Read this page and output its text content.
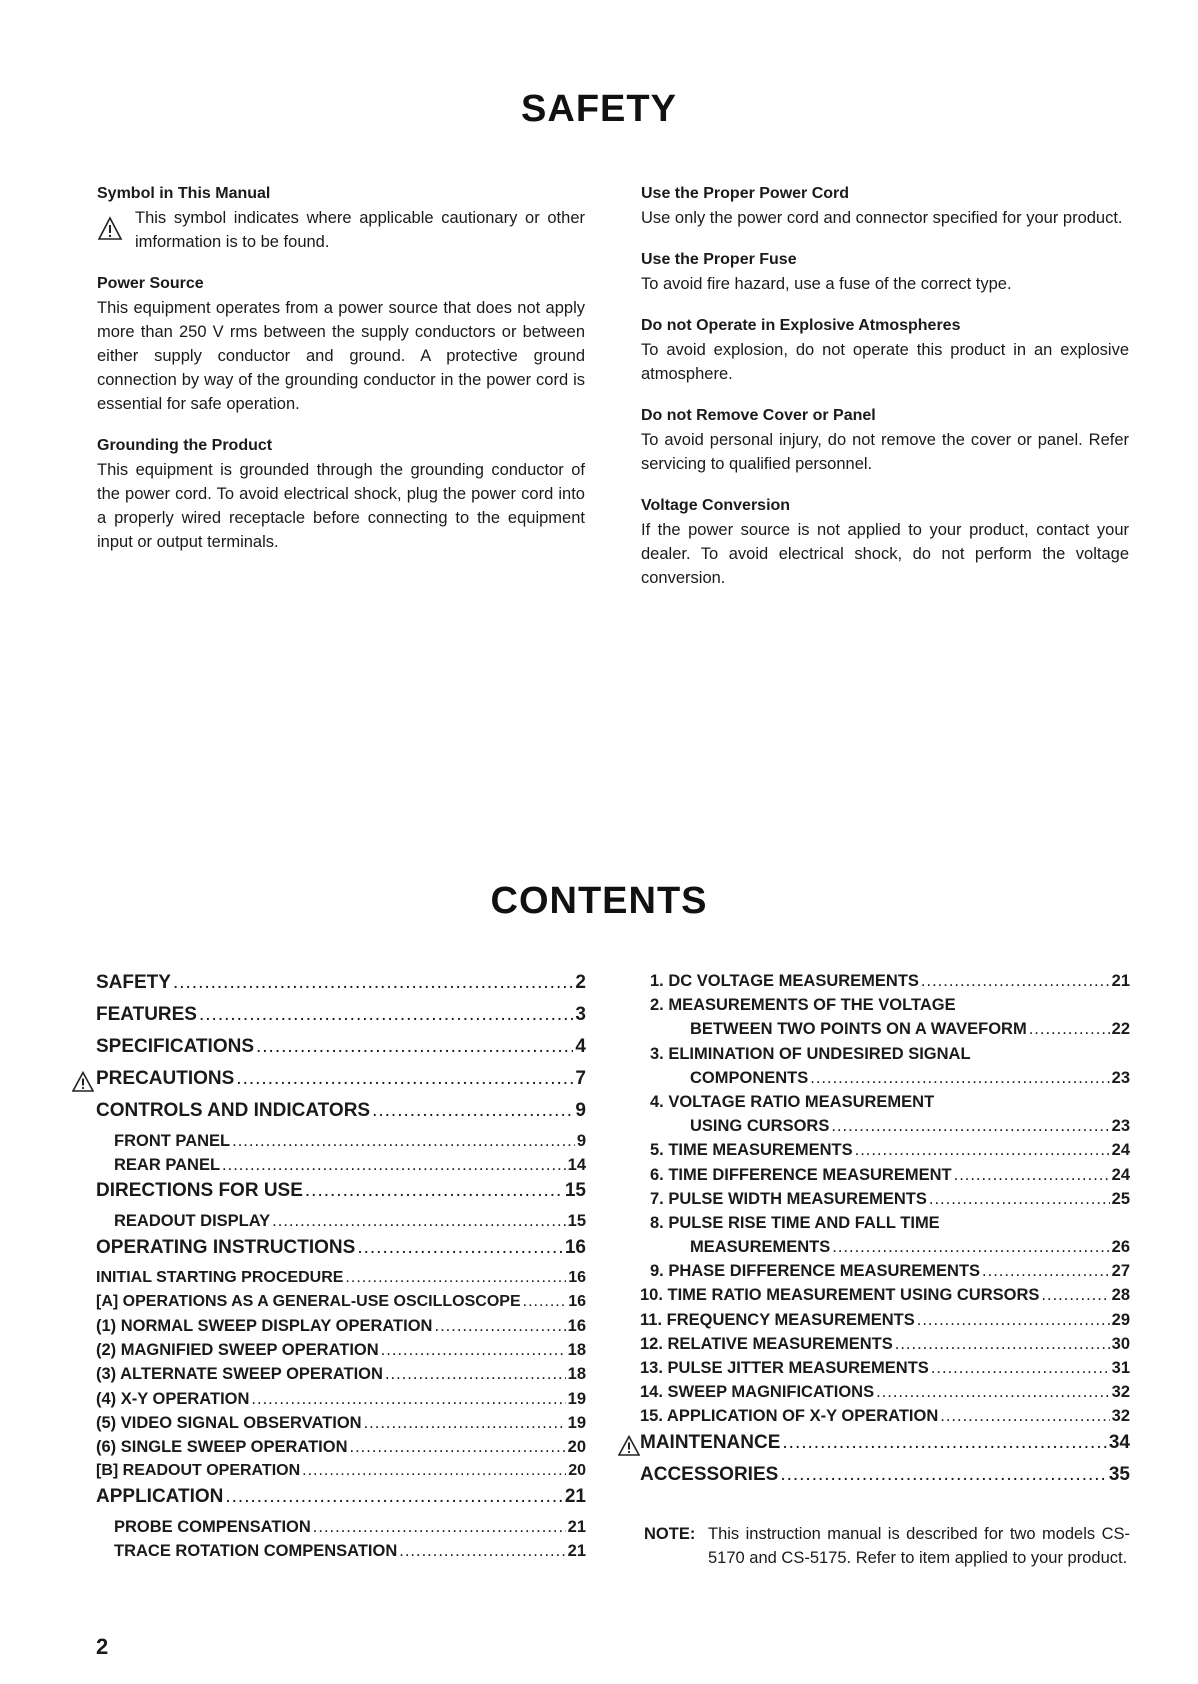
SAFETY
Symbol in This Manual
This symbol indicates where applicable cautionary or other imformation is to be found.
Power Source
This equipment operates from a power source that does not apply more than 250 V rms between the supply conductors or between either supply conductor and ground. A protective ground connection by way of the grounding conductor in the power cord is essential for safe operation.
Grounding the Product
This equipment is grounded through the grounding conductor of the power cord. To avoid electrical shock, plug the power cord into a properly wired receptacle before connecting to the equipment input or output terminals.
Use the Proper Power Cord
Use only the power cord and connector specified for your product.
Use the Proper Fuse
To avoid fire hazard, use a fuse of the correct type.
Do not Operate in Explosive Atmospheres
To avoid explosion, do not operate this product in an explosive atmosphere.
Do not Remove Cover or Panel
To avoid personal injury, do not remove the cover or panel. Refer servicing to qualified personnel.
Voltage Conversion
If the power source is not applied to your product, contact your dealer. To avoid electrical shock, do not perform the voltage conversion.
CONTENTS
SAFETY .....	2
FEATURES .....	3
SPECIFICATIONS .....	4
PRECAUTIONS .....	7
CONTROLS AND INDICATORS .....	9
FRONT PANEL .....	9
REAR PANEL .....	14
DIRECTIONS FOR USE .....	15
READOUT DISPLAY .....	15
OPERATING INSTRUCTIONS .....	16
INITIAL STARTING PROCEDURE .....	16
[A] OPERATIONS AS A GENERAL-USE OSCILLOSCOPE .....	16
(1) NORMAL SWEEP DISPLAY OPERATION .....	16
(2) MAGNIFIED SWEEP OPERATION .....	18
(3) ALTERNATE SWEEP OPERATION .....	18
(4) X-Y OPERATION .....	19
(5) VIDEO SIGNAL OBSERVATION .....	19
(6) SINGLE SWEEP OPERATION .....	20
[B] READOUT OPERATION .....	20
APPLICATION .....	21
PROBE COMPENSATION .....	21
TRACE ROTATION COMPENSATION .....	21
1. DC VOLTAGE MEASUREMENTS .....	21
2. MEASUREMENTS OF THE VOLTAGE
BETWEEN TWO POINTS ON A WAVEFORM .....	22
3. ELIMINATION OF UNDESIRED SIGNAL
COMPONENTS .....	23
4. VOLTAGE RATIO MEASUREMENT
USING CURSORS .....	23
5. TIME MEASUREMENTS .....	24
6. TIME DIFFERENCE MEASUREMENT .....	24
7. PULSE WIDTH MEASUREMENTS .....	25
8. PULSE RISE TIME AND FALL TIME
MEASUREMENTS .....	26
9. PHASE DIFFERENCE MEASUREMENTS .....	27
10. TIME RATIO MEASUREMENT USING CURSORS .....	28
11. FREQUENCY MEASUREMENTS .....	29
12. RELATIVE MEASUREMENTS .....	30
13. PULSE JITTER MEASUREMENTS .....	31
14. SWEEP MAGNIFICATIONS .....	32
15. APPLICATION OF X-Y OPERATION .....	32
MAINTENANCE .....	34
ACCESSORIES .....	35
NOTE: This instruction manual is described for two models CS-5170 and CS-5175. Refer to item applied to your product.
2
